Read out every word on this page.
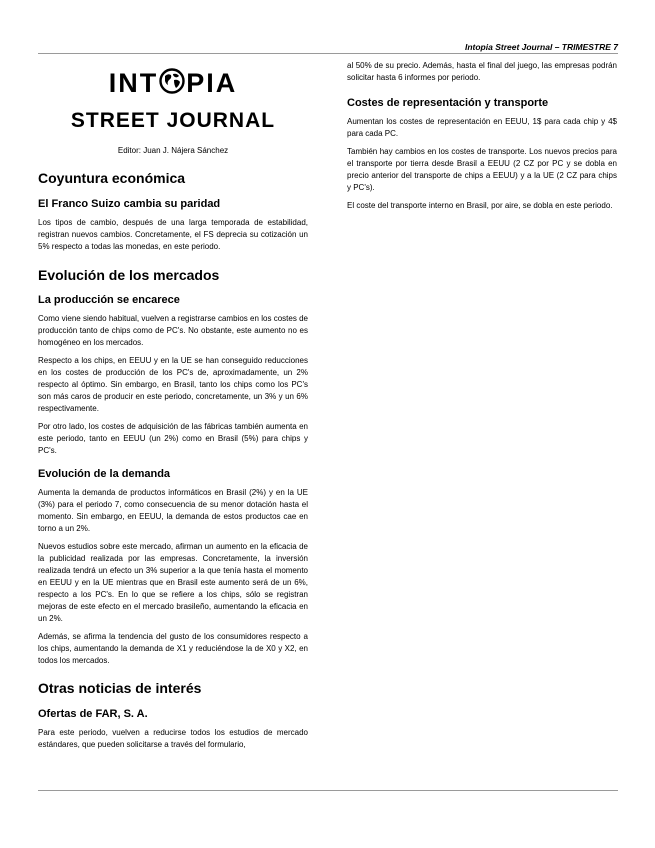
Intopia Street Journal – TRIMESTRE 7
INT PIA
STREET JOURNAL
Editor: Juan J. Nájera Sánchez
Coyuntura económica
El Franco Suizo cambia su paridad

Los tipos de cambio, después de una larga temporada de estabilidad, registran nuevos cambios. Concretamente, el FS deprecia su cotización un 5% respecto a todas las monedas, en este periodo.

Evolución de los mercados
La producción se encarece

Como viene siendo habitual, vuelven a registrarse cambios en los costes de producción tanto de chips como de PC's. No obstante, este aumento no es homogéneo en los mercados.

Respecto a los chips, en EEUU y en la UE se han conseguido reducciones en los costes de producción de los PC's de, aproximadamente, un 2% respecto al óptimo. Sin embargo, en Brasil, tanto los chips como los PC's son más caros de producir en este periodo, concretamente, un 3% y un 6% respectivamente.

Por otro lado, los costes de adquisición de las fábricas también aumenta en este periodo, tanto en EEUU (un 2%) como en Brasil (5%) para chips y PC's.

Evolución de la demanda

Aumenta la demanda de productos informáticos en Brasil (2%) y en la UE (3%) para el periodo 7, como consecuencia de su menor dotación hasta el momento. Sin embargo, en EEUU, la demanda de estos productos cae en torno a un 2%.

Nuevos estudios sobre este mercado, afirman un aumento en la eficacia de la publicidad realizada por las empresas. Concretamente, la inversión realizada tendrá un efecto un 3% superior a la que tenía hasta el momento en EEUU y en la UE mientras que en Brasil este aumento será de un 6%, respecto a los PC's. En lo que se refiere a los chips, sólo se registran mejoras de este efecto en el mercado brasileño, aumentando la eficacia en un 2%.

Además, se afirma la tendencia del gusto de los consumidores respecto a los chips, aumentando la demanda de X1 y reduciéndose la de X0 y X2, en todos los mercados.

Otras noticias de interés
Ofertas de FAR, S. A.

Para este periodo, vuelven a reducirse todos los estudios de mercado estándares, que pueden solicitarse a través del formulario,

al 50% de su precio. Además, hasta el final del juego, las empresas podrán solicitar hasta 6 informes por periodo.

Costes de representación y transporte

Aumentan los costes de representación en EEUU, 1$ para cada chip y 4$ para cada PC.

También hay cambios en los costes de transporte. Los nuevos precios para el transporte por tierra desde Brasil a EEUU (2 CZ por PC y se dobla en precio anterior del transporte de chips a EEUU) y a la UE (2 CZ para chips y PC's).

El coste del transporte interno en Brasil, por aire, se dobla en este periodo.
